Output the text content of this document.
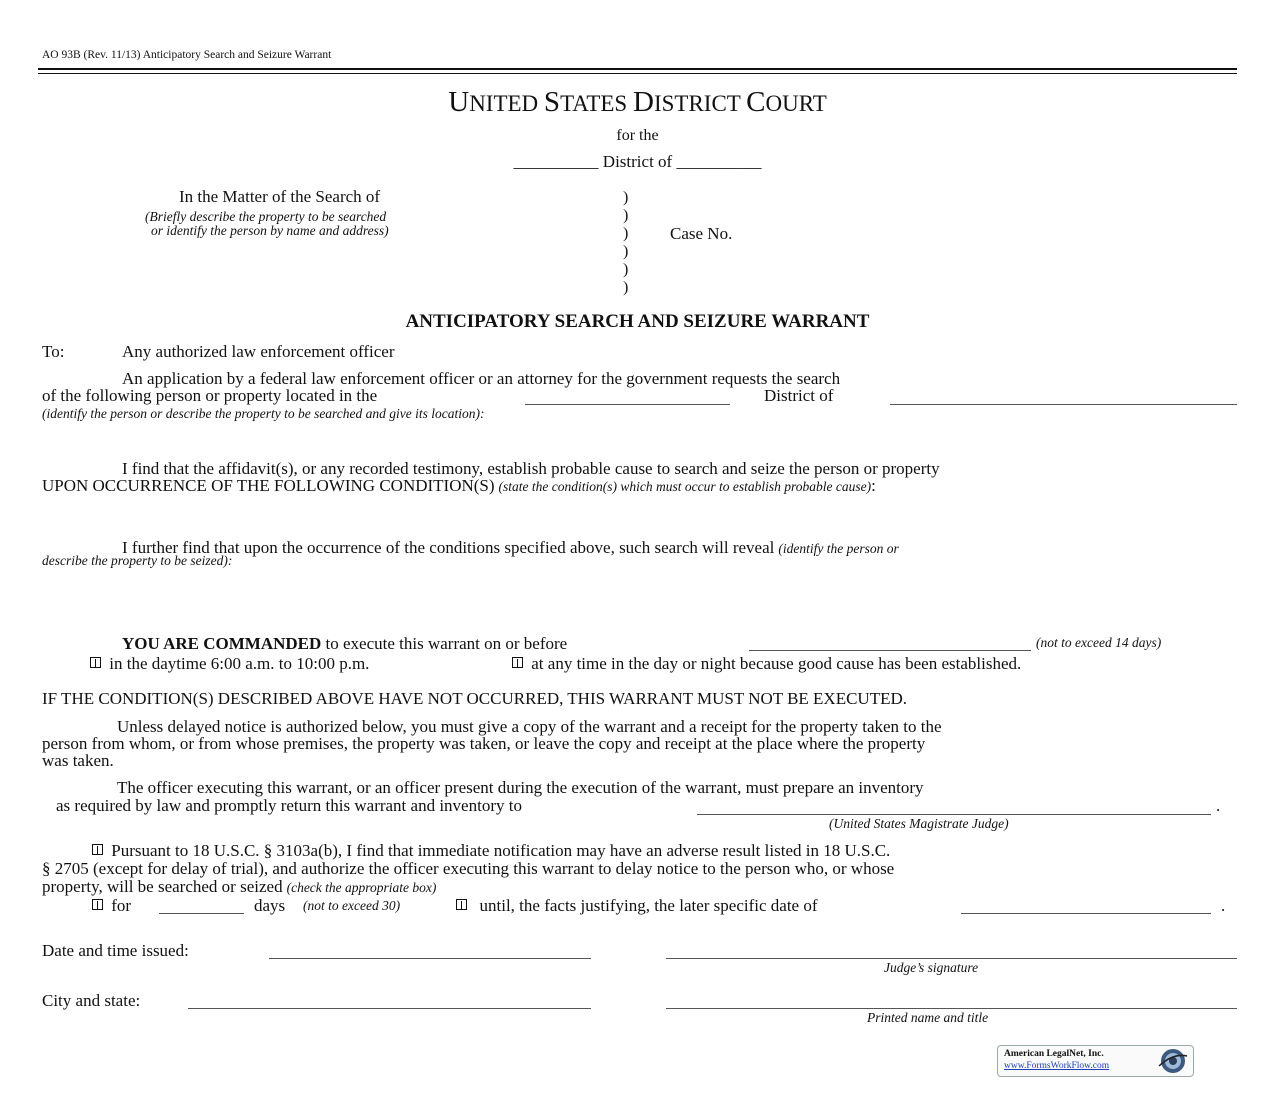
AO 93B (Rev. 11/13) Anticipatory Search and Seizure Warrant
UNITED STATES DISTRICT COURT
for the
__________ District of __________
In the Matter of the Search of
(Briefly describe the property to be searched
or identify the person by name and address)
)
)
)
)
)
)
Case No.
ANTICIPATORY SEARCH AND SEIZURE WARRANT
To:	Any authorized law enforcement officer
An application by a federal law enforcement officer or an attorney for the government requests the search
of the following person or property located in the	District of
(identify the person or describe the property to be searched and give its location):
I find that the affidavit(s), or any recorded testimony, establish probable cause to search and seize the person or property
UPON OCCURRENCE OF THE FOLLOWING CONDITION(S) (state the condition(s) which must occur to establish probable cause):
I further find that upon the occurrence of the conditions specified above, such search will reveal (identify the person or
describe the property to be seized):
YOU ARE COMMANDED to execute this warrant on or before	(not to exceed 14 days)
in the daytime 6:00 a.m. to 10:00 p.m.	at any time in the day or night because good cause has been established.
IF THE CONDITION(S) DESCRIBED ABOVE HAVE NOT OCCURRED, THIS WARRANT MUST NOT BE EXECUTED.
Unless delayed notice is authorized below, you must give a copy of the warrant and a receipt for the property taken to the
person from whom, or from whose premises, the property was taken, or leave the copy and receipt at the place where the property
was taken.
The officer executing this warrant, or an officer present during the execution of the warrant, must prepare an inventory
as required by law and promptly return this warrant and inventory to	.
(United States Magistrate Judge)
Pursuant to 18 U.S.C. § 3103a(b), I find that immediate notification may have an adverse result listed in 18 U.S.C.
§ 2705 (except for delay of trial), and authorize the officer executing this warrant to delay notice to the person who, or whose
property, will be searched or seized (check the appropriate box)
for	days (not to exceed 30)	until, the facts justifying, the later specific date of	.
Date and time issued:
Judge’s signature
City and state:
Printed name and title
American LegalNet, Inc.
www.FormsWorkFlow.com
